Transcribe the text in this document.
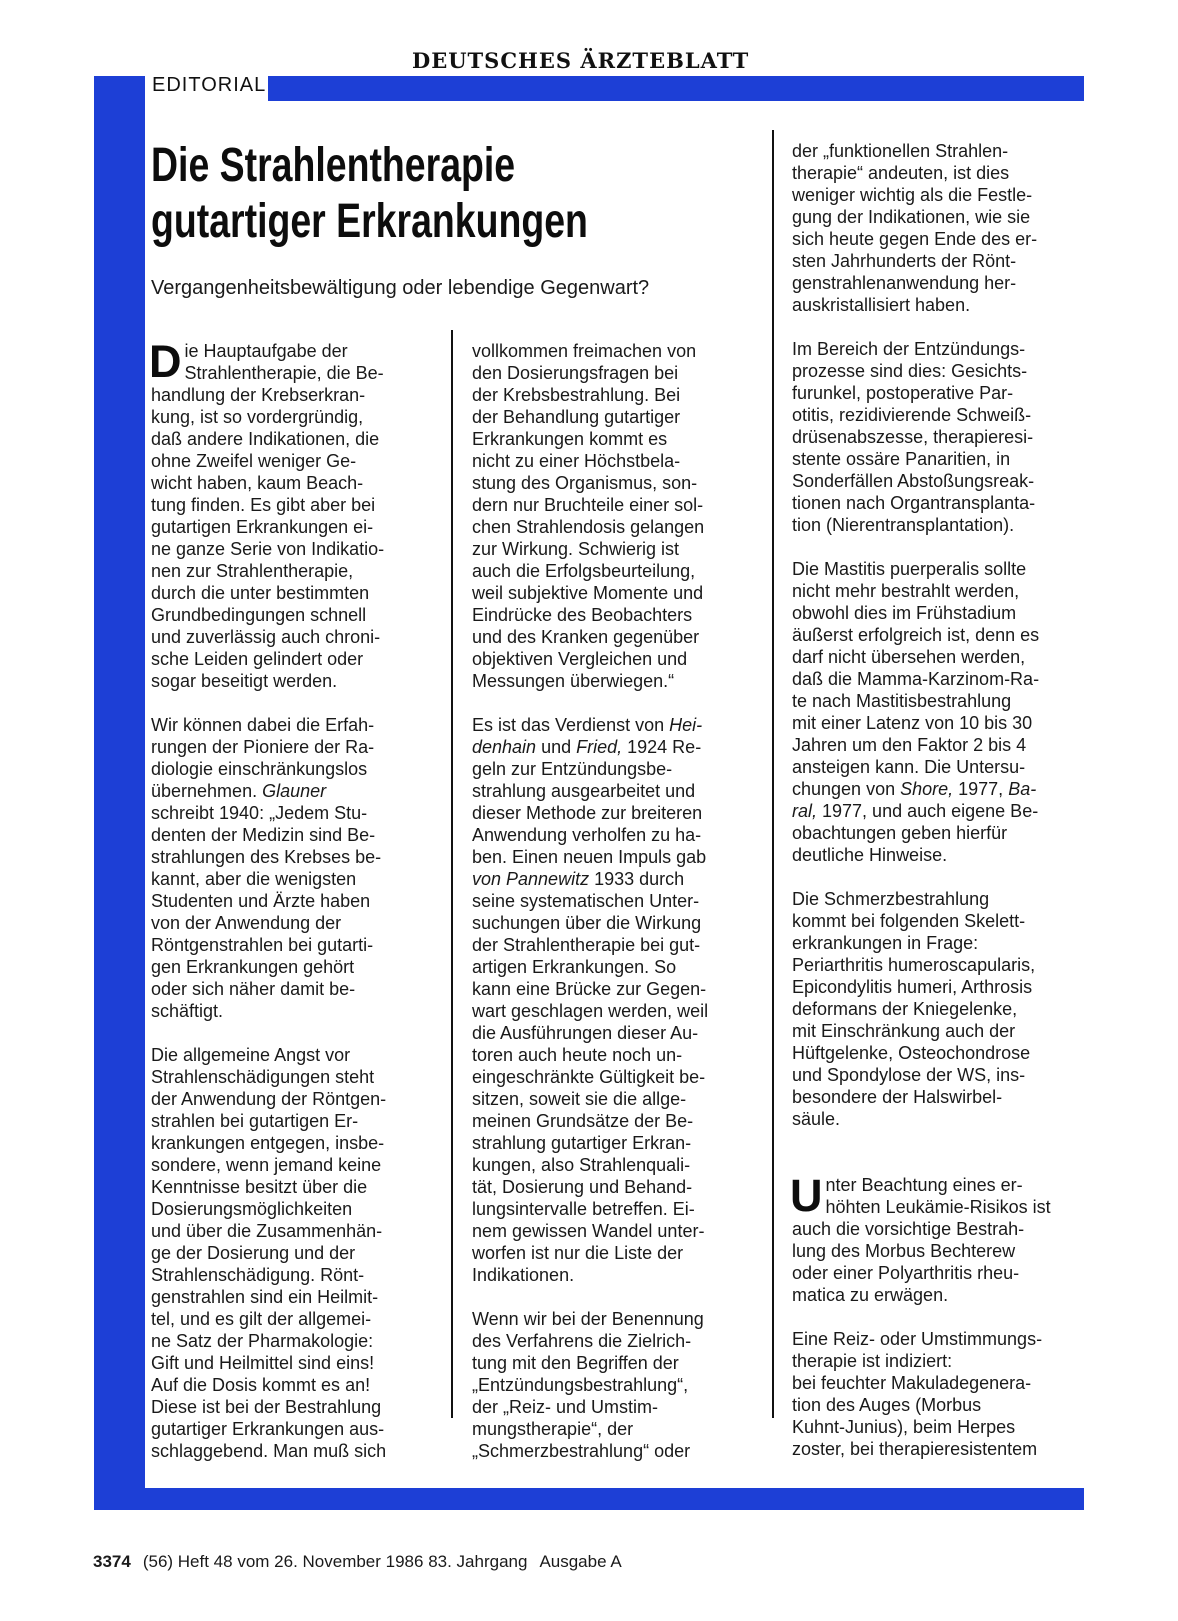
DEUTSCHES ÄRZTEBLATT
EDITORIAL
Die Strahlentherapie
gutartiger Erkrankungen
Vergangenheitsbewältigung oder lebendige Gegenwart?

Die Hauptaufgabe der
Strahlentherapie, die Be-
handlung der Krebserkran-
kung, ist so vordergründig,
daß andere Indikationen, die
ohne Zweifel weniger Ge-
wicht haben, kaum Beach-
tung finden. Es gibt aber bei
gutartigen Erkrankungen ei-
ne ganze Serie von Indikatio-
nen zur Strahlentherapie,
durch die unter bestimmten
Grundbedingungen schnell
und zuverlässig auch chroni-
sche Leiden gelindert oder
sogar beseitigt werden.

Wir können dabei die Erfah-
rungen der Pioniere der Ra-
diologie einschränkungslos
übernehmen. Glauner
schreibt 1940: „Jedem Stu-
denten der Medizin sind Be-
strahlungen des Krebses be-
kannt, aber die wenigsten
Studenten und Ärzte haben
von der Anwendung der
Röntgenstrahlen bei gutarti-
gen Erkrankungen gehört
oder sich näher damit be-
schäftigt.

Die allgemeine Angst vor
Strahlenschädigungen steht
der Anwendung der Röntgen-
strahlen bei gutartigen Er-
krankungen entgegen, insbe-
sondere, wenn jemand keine
Kenntnisse besitzt über die
Dosierungsmöglichkeiten
und über die Zusammenhän-
ge der Dosierung und der
Strahlenschädigung. Rönt-
genstrahlen sind ein Heilmit-
tel, und es gilt der allgemei-
ne Satz der Pharmakologie:
Gift und Heilmittel sind eins!
Auf die Dosis kommt es an!
Diese ist bei der Bestrahlung
gutartiger Erkrankungen aus-
schlaggebend. Man muß sich

vollkommen freimachen von
den Dosierungsfragen bei
der Krebsbestrahlung. Bei
der Behandlung gutartiger
Erkrankungen kommt es
nicht zu einer Höchstbela-
stung des Organismus, son-
dern nur Bruchteile einer sol-
chen Strahlendosis gelangen
zur Wirkung. Schwierig ist
auch die Erfolgsbeurteilung,
weil subjektive Momente und
Eindrücke des Beobachters
und des Kranken gegenüber
objektiven Vergleichen und
Messungen überwiegen.“

Es ist das Verdienst von Hei-
denhain und Fried, 1924 Re-
geln zur Entzündungsbe-
strahlung ausgearbeitet und
dieser Methode zur breiteren
Anwendung verholfen zu ha-
ben. Einen neuen Impuls gab
von Pannewitz 1933 durch
seine systematischen Unter-
suchungen über die Wirkung
der Strahlentherapie bei gut-
artigen Erkrankungen. So
kann eine Brücke zur Gegen-
wart geschlagen werden, weil
die Ausführungen dieser Au-
toren auch heute noch un-
eingeschränkte Gültigkeit be-
sitzen, soweit sie die allge-
meinen Grundsätze der Be-
strahlung gutartiger Erkran-
kungen, also Strahlenquali-
tät, Dosierung und Behand-
lungsintervalle betreffen. Ei-
nem gewissen Wandel unter-
worfen ist nur die Liste der
Indikationen.

Wenn wir bei der Benennung
des Verfahrens die Zielrich-
tung mit den Begriffen der
„Entzündungsbestrahlung“,
der „Reiz- und Umstim-
mungstherapie“, der
„Schmerzbestrahlung“ oder

der „funktionellen Strahlen-
therapie“ andeuten, ist dies
weniger wichtig als die Festle-
gung der Indikationen, wie sie
sich heute gegen Ende des er-
sten Jahrhunderts der Rönt-
genstrahlenanwendung her-
auskristallisiert haben.

Im Bereich der Entzündungs-
prozesse sind dies: Gesichts-
furunkel, postoperative Par-
otitis, rezidivierende Schweiß-
drüsenabszesse, therapieresi-
stente ossäre Panaritien, in
Sonderfällen Abstoßungsreak-
tionen nach Organtransplanta-
tion (Nierentransplantation).

Die Mastitis puerperalis sollte
nicht mehr bestrahlt werden,
obwohl dies im Frühstadium
äußerst erfolgreich ist, denn es
darf nicht übersehen werden,
daß die Mamma-Karzinom-Ra-
te nach Mastitisbestrahlung
mit einer Latenz von 10 bis 30
Jahren um den Faktor 2 bis 4
ansteigen kann. Die Untersu-
chungen von Shore, 1977, Ba-
ral, 1977, und auch eigene Be-
obachtungen geben hierfür
deutliche Hinweise.

Die Schmerzbestrahlung
kommt bei folgenden Skelett-
erkrankungen in Frage:
Periarthritis humeroscapularis,
Epicondylitis humeri, Arthrosis
deformans der Kniegelenke,
mit Einschränkung auch der
Hüftgelenke, Osteochondrose
und Spondylose der WS, ins-
besondere der Halswirbel-
säule.

Unter Beachtung eines er-
höhten Leukämie-Risikos ist
auch die vorsichtige Bestrah-
lung des Morbus Bechterew
oder einer Polyarthritis rheu-
matica zu erwägen.

Eine Reiz- oder Umstimmungs-
therapie ist indiziert:
bei feuchter Makuladegenera-
tion des Auges (Morbus
Kuhnt-Junius), beim Herpes
zoster, bei therapieresistentem

3374 (56) Heft 48 vom 26. November 1986 83. Jahrgang Ausgabe A
